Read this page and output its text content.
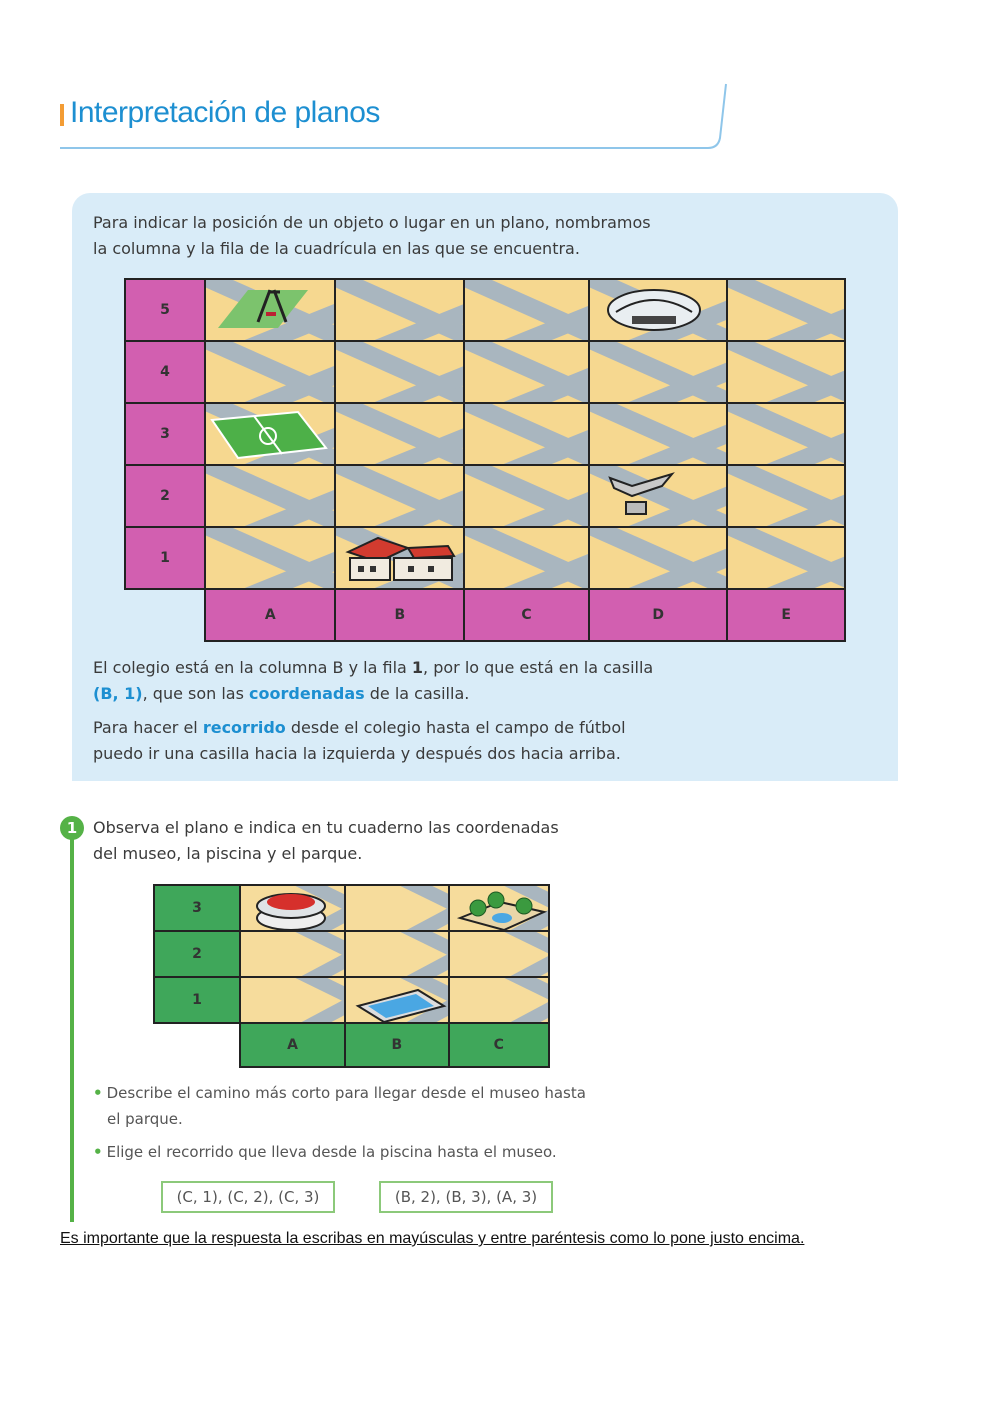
Interpretación de planos
Para indicar la posición de un objeto o lugar en un plano, nombramos
la columna y la fila de la cuadrícula en las que se encuentra.
5	

4	

3	

2	

1	

	A	B	C	D	E
El colegio está en la columna B y la fila 1, por lo que está en la casilla
(B, 1), que son las coordenadas de la casilla.
Para hacer el recorrido desde el colegio hasta el campo de fútbol
puedo ir una casilla hacia la izquierda y después dos hacia arriba.
1 Observa el plano e indica en tu cuaderno las coordenadas
del museo, la piscina y el parque.
3	

2	

1	

	A	B	C
• Describe el camino más corto para llegar desde el museo hasta
el parque.
• Elige el recorrido que lleva desde la piscina hasta el museo.
(C, 1), (C, 2), (C, 3)	(B, 2), (B, 3), (A, 3)
Es importante que la respuesta la escribas en mayúsculas y entre paréntesis como lo pone justo encima.
